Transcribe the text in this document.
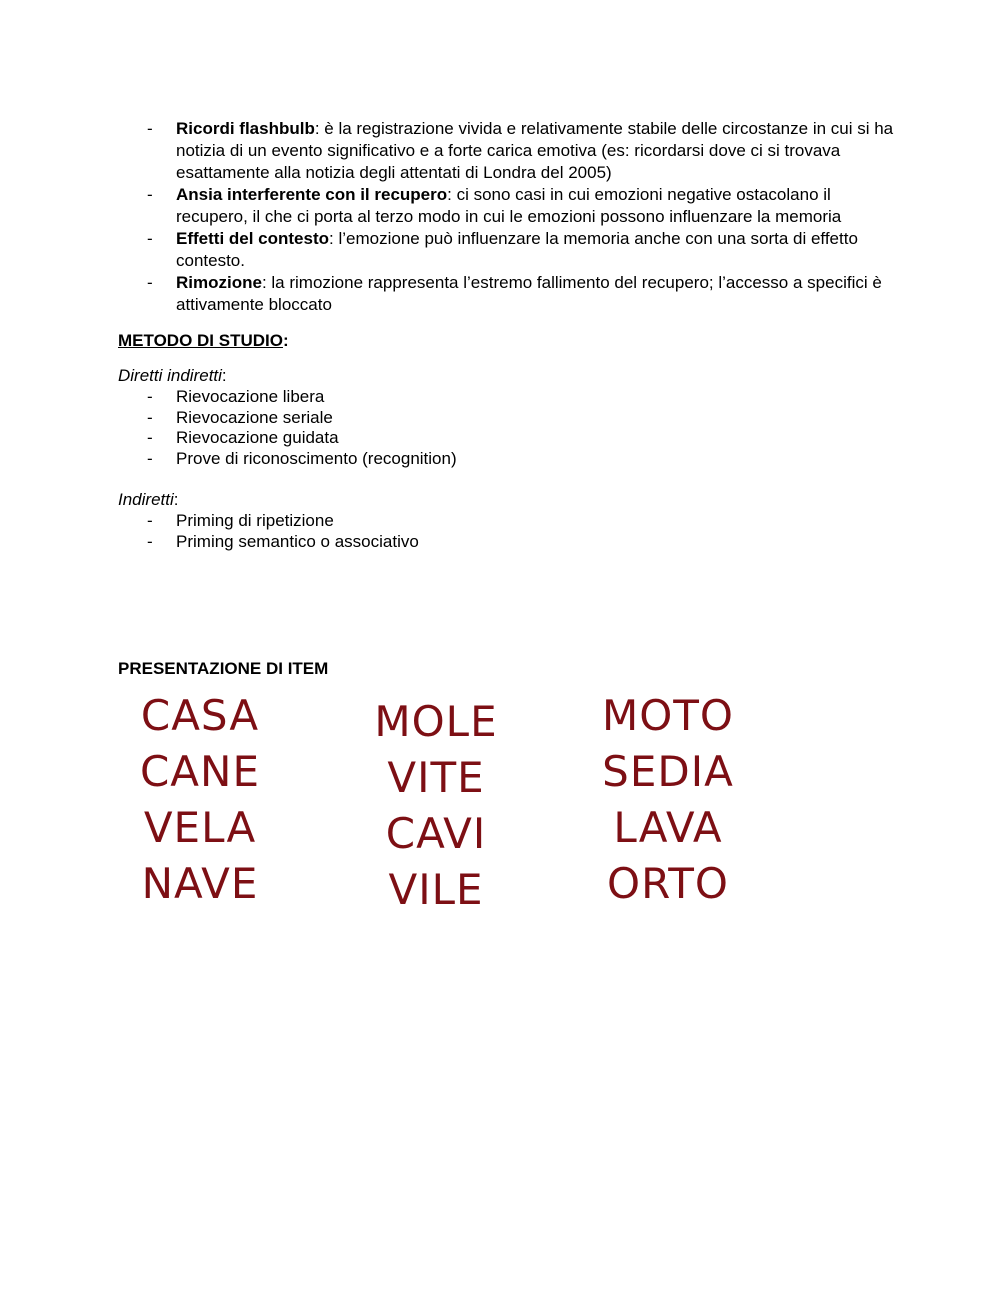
- Ricordi flashbulb: è la registrazione vivida e relativamente stabile delle circostanze in cui si ha notizia di un evento significativo e a forte carica emotiva (es: ricordarsi dove ci si trovava esattamente alla notizia degli attentati di Londra del 2005)
- Ansia interferente con il recupero: ci sono casi in cui emozioni negative ostacolano il recupero, il che ci porta al terzo modo in cui le emozioni possono influenzare la memoria
- Effetti del contesto: l’emozione può influenzare la memoria anche con una sorta di effetto contesto.
- Rimozione: la rimozione rappresenta l’estremo fallimento del recupero; l’accesso a specifici è attivamente bloccato
METODO DI STUDIO:
Diretti indiretti:
- Rievocazione libera
- Rievocazione seriale
- Rievocazione guidata
- Prove di riconoscimento (recognition)
Indiretti:
- Priming di ripetizione
- Priming semantico o associativo
PRESENTAZIONE DI ITEM
CASA
CANE
VELA
NAVE
MOLE
VITE
CAVI
VILE
MOTO
SEDIA
LAVA
ORTO
